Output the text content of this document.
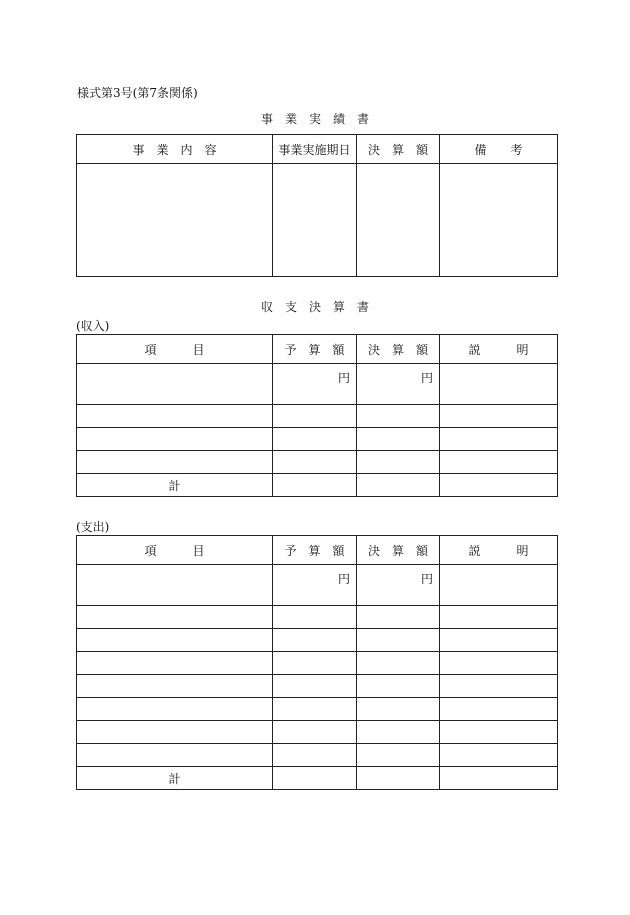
様式第3号(第7条関係)
事　業　実　績　書
事　業　内　容	事業実施期日	決　算　額	備　　考

収　支　決　算　書
(収入)
項　　　目	予　算　額	決　算　額	説　　　明
	円	円	

計			
(支出)
項　　　目	予　算　額	決　算　額	説　　　明
	円	円	

計			
